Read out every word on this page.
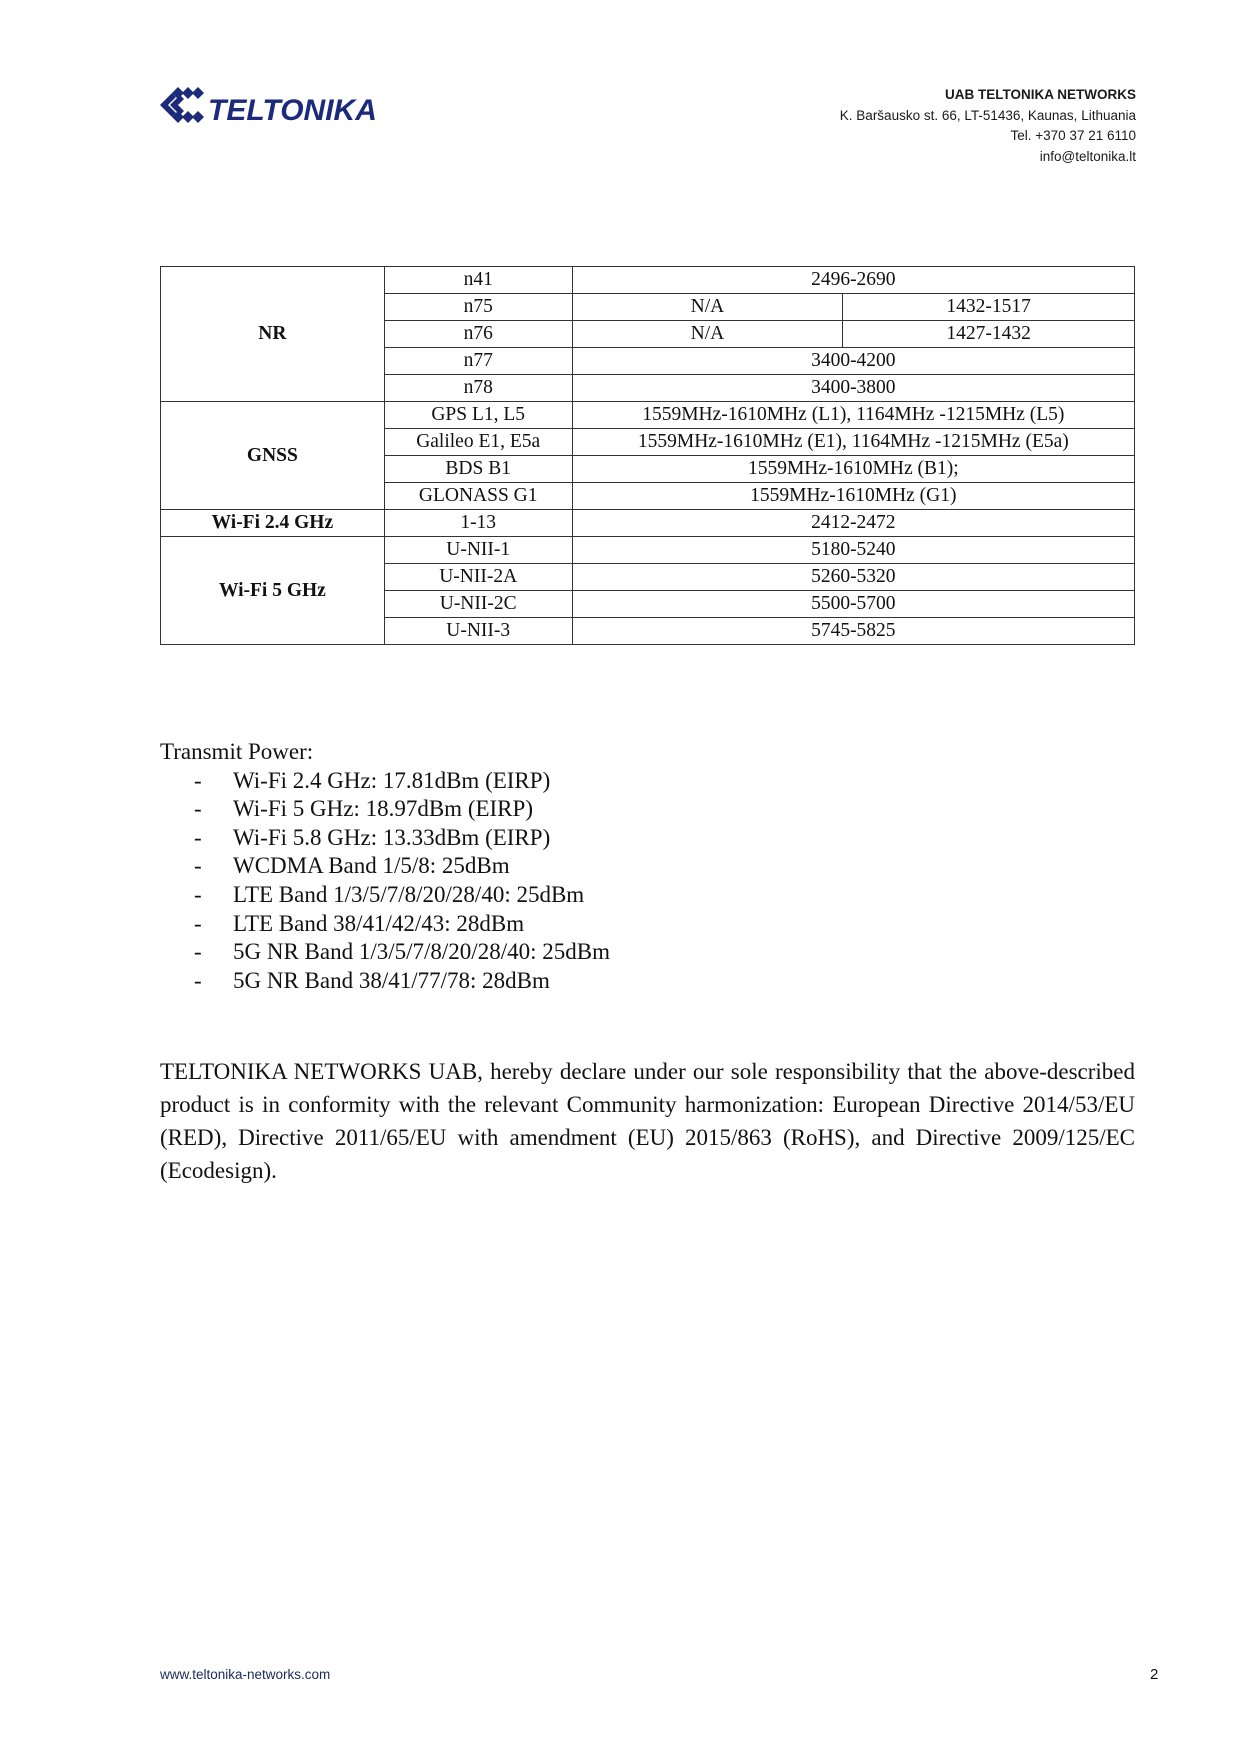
TELTONIKA	UAB TELTONIKA NETWORKS
K. Baršausko st. 66, LT-51436, Kaunas, Lithuania
Tel. +370 37 21 6110
info@teltonika.lt
NR	n41	2496-2690	
	n75	N/A	1432-1517
	n76	N/A	1427-1432
	n77	3400-4200	
	n78	3400-3800	
GNSS	GPS L1, L5	1559MHz-1610MHz (L1), 1164MHz -1215MHz (L5)	
	Galileo E1, E5a	1559MHz-1610MHz (E1), 1164MHz -1215MHz (E5a)	
	BDS B1	1559MHz-1610MHz (B1);	
	GLONASS G1	1559MHz-1610MHz (G1)	
Wi-Fi 2.4 GHz	1-13	2412-2472	
Wi-Fi 5 GHz	U-NII-1	5180-5240	
	U-NII-2A	5260-5320	
	U-NII-2C	5500-5700	
	U-NII-3	5745-5825	
Transmit Power:
- Wi-Fi 2.4 GHz: 17.81dBm (EIRP)
- Wi-Fi 5 GHz: 18.97dBm (EIRP)
- Wi-Fi 5.8 GHz: 13.33dBm (EIRP)
- WCDMA Band 1/5/8: 25dBm
- LTE Band 1/3/5/7/8/20/28/40: 25dBm
- LTE Band 38/41/42/43: 28dBm
- 5G NR Band 1/3/5/7/8/20/28/40: 25dBm
- 5G NR Band 38/41/77/78: 28dBm

TELTONIKA NETWORKS UAB, hereby declare under our sole responsibility that the above-described product is in conformity with the relevant Community harmonization: European Directive 2014/53/EU (RED), Directive 2011/65/EU with amendment (EU) 2015/863 (RoHS), and Directive 2009/125/EC (Ecodesign).

www.teltonika-networks.com	2
